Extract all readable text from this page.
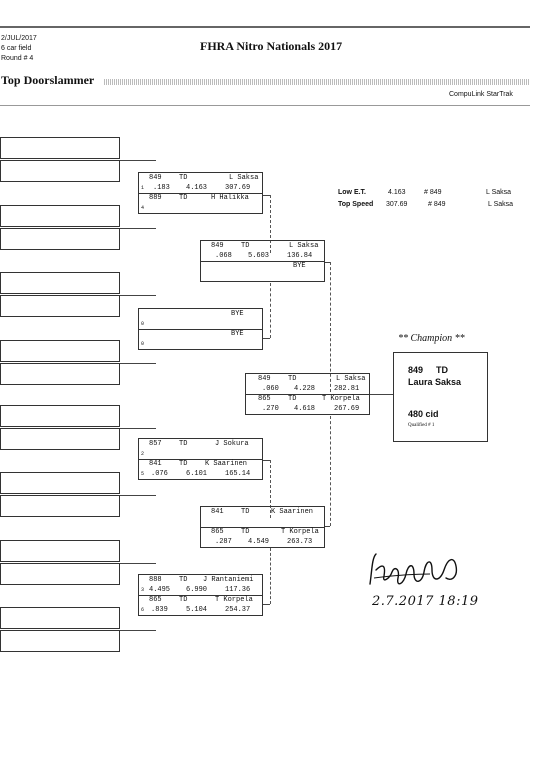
2/JUL/2017
6 car field
Round # 4
FHRA Nitro Nationals 2017
Top Doorslammer
CompuLink StarTrak
849 TD	L Saksa
1 .183 4.163	307.69
889 TD	H Halikka
4
BYE
0
BYE
0
857 TD	J Sokura
2
841 TD	K Saarinen
5 .076	6.101	165.14
888 TD J Rantaniemi
3 4.495 6.990	117.36
865 TD	T Korpela
6 .839	5.104	254.37
849 TD	L Saksa
.068 5.603	136.84
BYE
841 TD	K Saarinen
865 TD	T Korpela
.287 4.549	263.73
849 TD	L Saksa
.060 4.228	282.81
865 TD	T Korpela
.270 4.618	267.69
Low E.T.	4.163	# 849	L Saksa
Top Speed 307.69	# 849	L Saksa
** Champion **
849 TD
Laura Saksa
480 cid
Qualified # 1
2.7.2017 18:19
